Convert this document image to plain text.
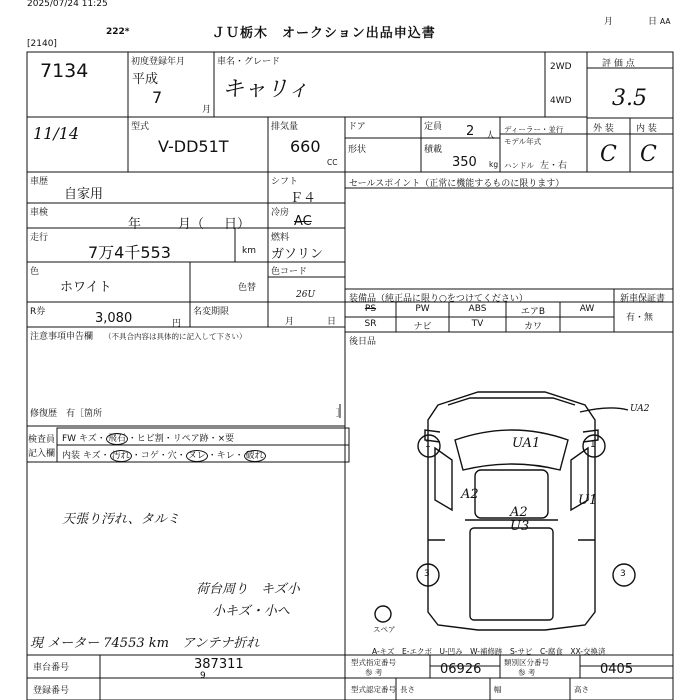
2025/07/24 11:25
222*
[2140]
ＪＵ栃木　オークション出品申込書
月	日 AA
7134
11/14
初度登録年月
平成
7
月
車名・グレード
キャリィ
2WD
4WD
評 価 点
3.5
型式
V-DD51T
排気量
660
CC
ドア	定員 2 人
ディーラー・並行
モデル年式
形状	積載
350 kg ハンドル 左・右
外 装 内 装
C C
車歴
自家用
シフト
Ｆ４
セールスポイント（正常に機能するものに限ります）
車検
年	月（ 日）
冷房
AC
走行
7万4千553	km
燃料
ガソリン
色
ホワイト	色替
色コード
26U
R券	3,080	円
名変期限
月	日
装備品（純正品に限り○をつけてください）	新車保証書
有・無
PS	PW	ABS	エアB	AW
SR	ナビ	TV	カワ
注意事項申告欄 （不具合内容は具体的に記入して下さい）
後日品
修復歴　有［箇所	］
検査員
記入欄
FW キズ・ 飛石 ・ヒビ割・リペア跡・×要
内装 キズ・ 汚れ ・コゲ・穴・ ヌレ ・キレ・ 破れ
天張り汚れ、タルミ
荷台周り　キズ小
小キズ・小へ
現 メーター 74553 km　アンテナ折れ
UA2
UA1
A2
A2
U3
U1
1	1
3	3
スペア
A-キズ　E-エクボ　U-凹み　W-補修跡　S-サビ　C-腐食　XX-交換済
車台番号	387311
9
登録番号
型式指定番号
参 考	06926	類別区分番号
参 考	0405
型式認定番号 長さ	幅	高さ
